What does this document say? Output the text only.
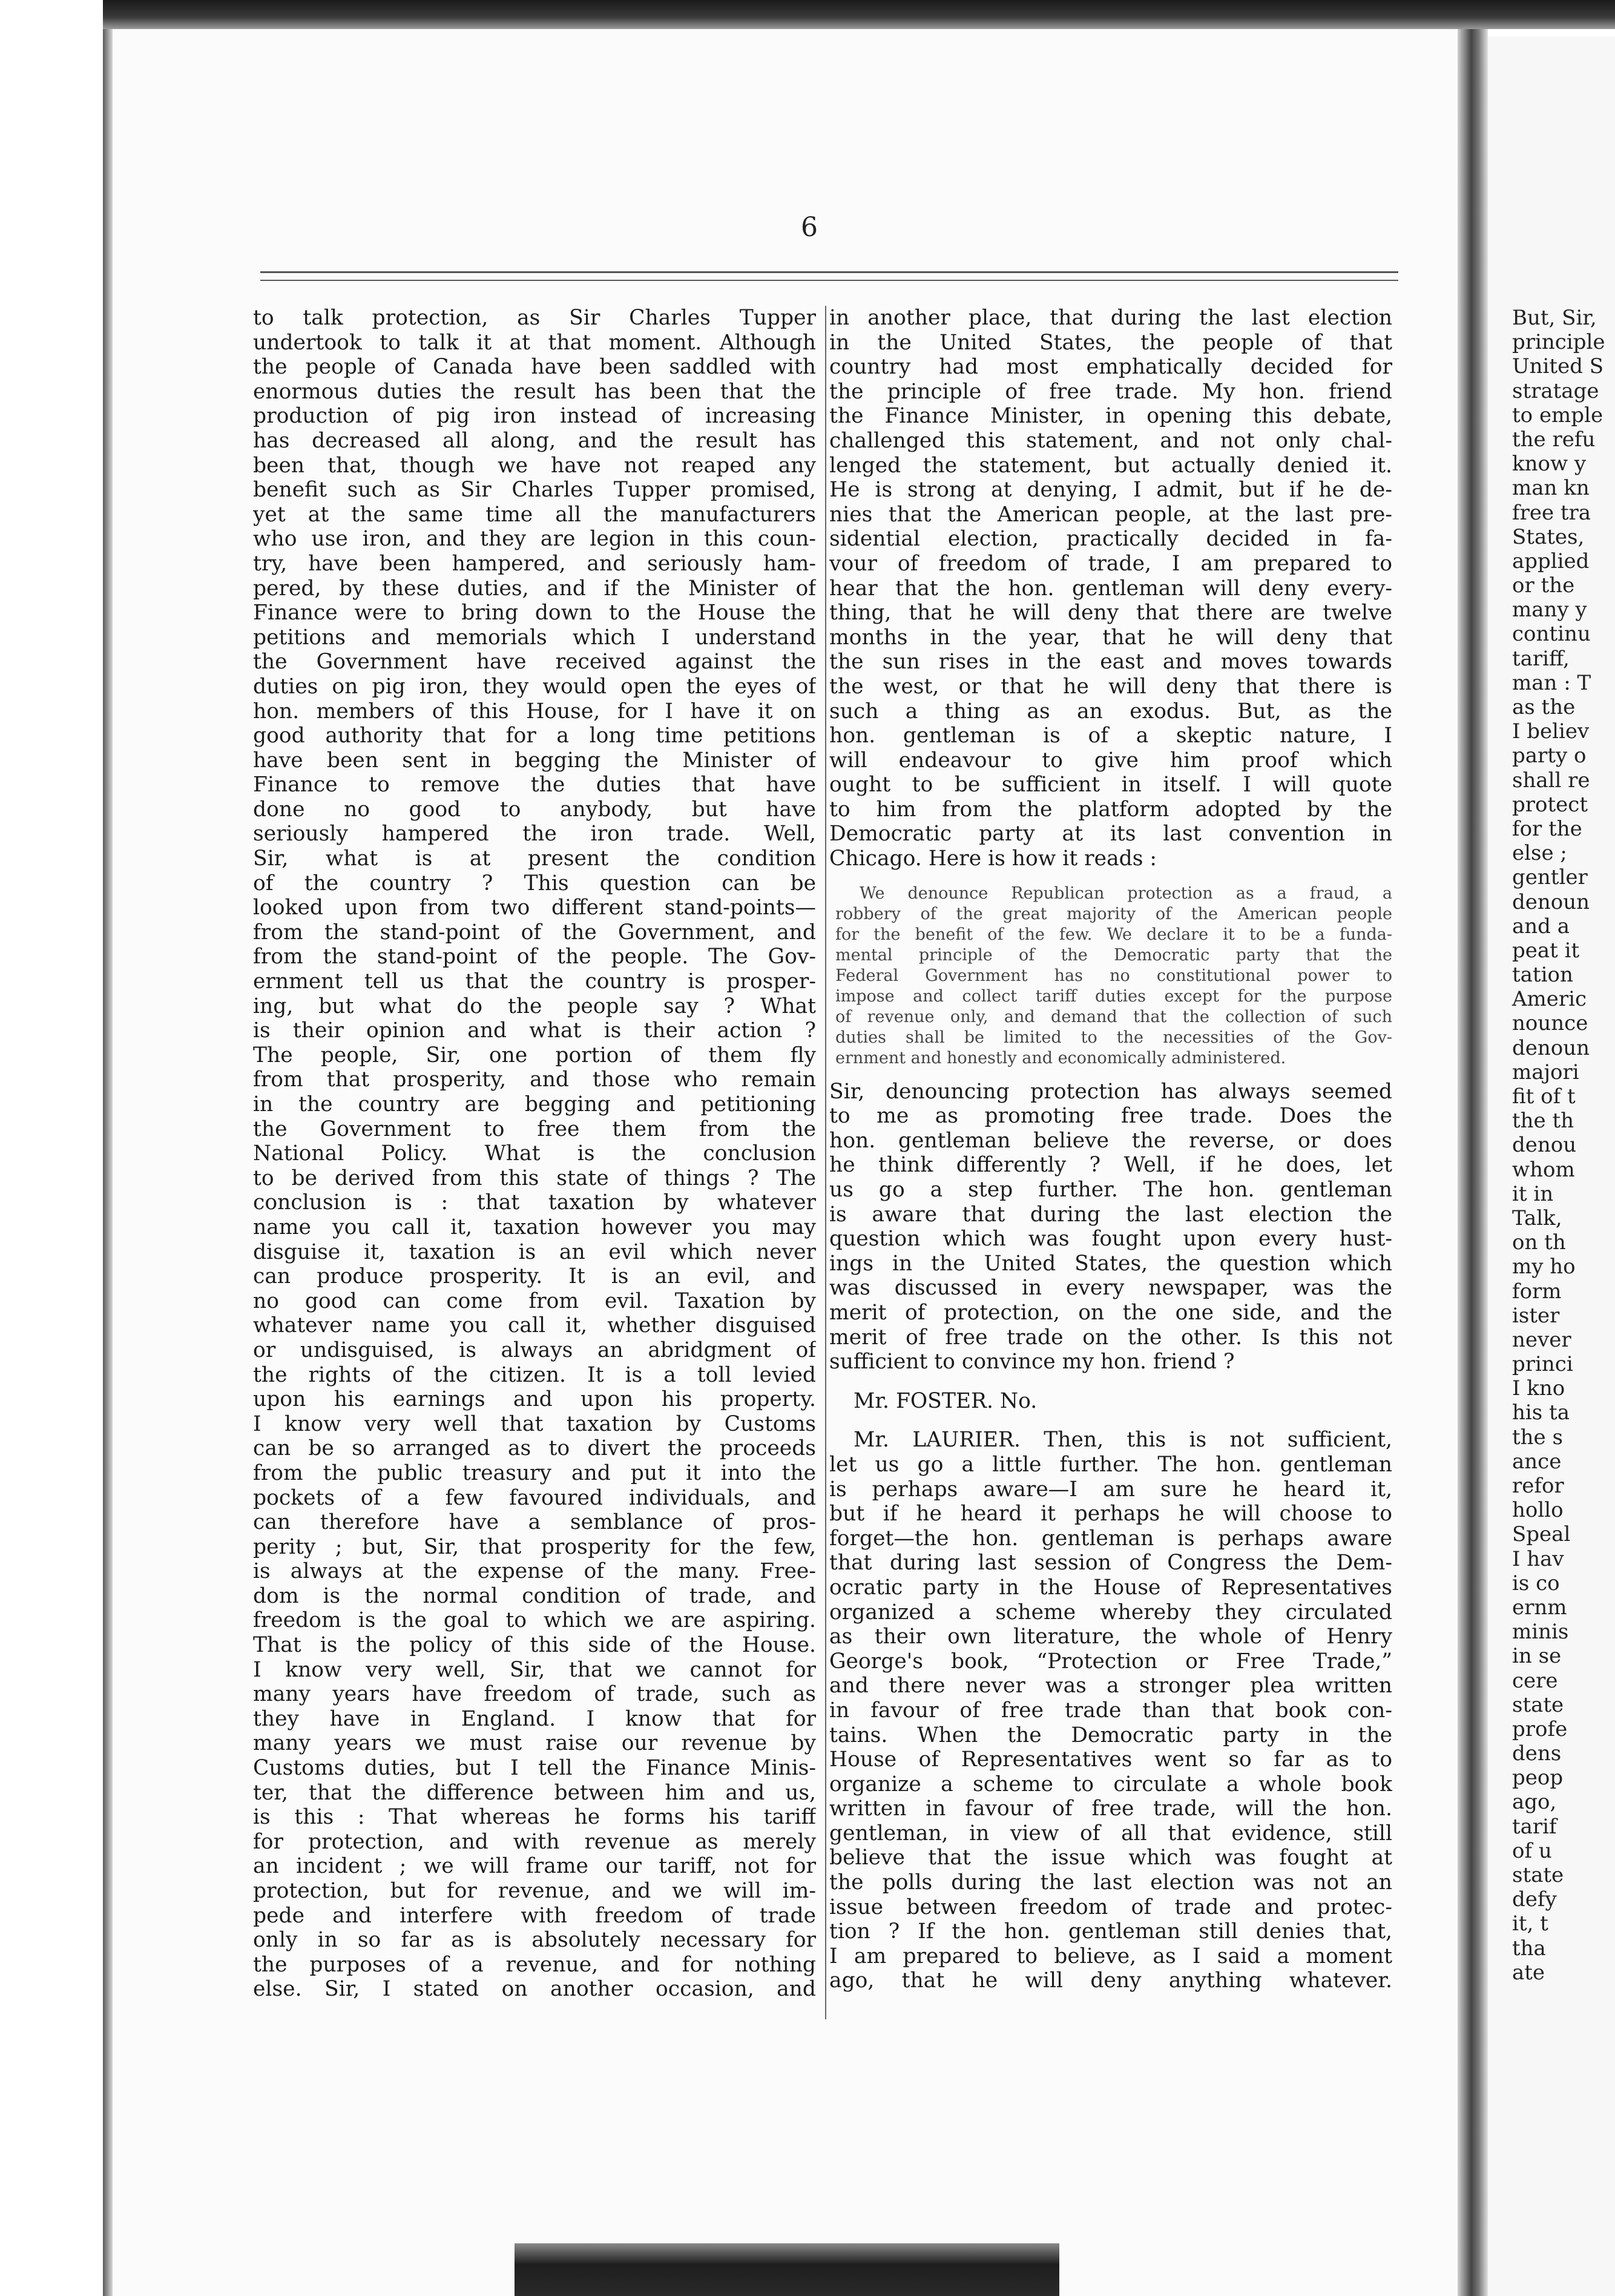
6
to talk protection, as Sir Charles Tupper
undertook to talk it at that moment. Although
the people of Canada have been saddled with
enormous duties the result has been that the
production of pig iron instead of increasing
has decreased all along, and the result has
been that, though we have not reaped any
benefit such as Sir Charles Tupper promised,
yet at the same time all the manufacturers
who use iron, and they are legion in this coun-
try, have been hampered, and seriously ham-
pered, by these duties, and if the Minister of
Finance were to bring down to the House the
petitions and memorials which I understand
the Government have received against the
duties on pig iron, they would open the eyes of
hon. members of this House, for I have it on
good authority that for a long time petitions
have been sent in begging the Minister of
Finance to remove the duties that have
done no good to anybody, but have
seriously hampered the iron trade. Well,
Sir, what is at present the condition
of the country ? This question can be
looked upon from two different stand-points—
from the stand-point of the Government, and
from the stand-point of the people. The Gov-
ernment tell us that the country is prosper-
ing, but what do the people say ? What
is their opinion and what is their action ?
The people, Sir, one portion of them fly
from that prosperity, and those who remain
in the country are begging and petitioning
the Government to free them from the
National Policy. What is the conclusion
to be derived from this state of things ? The
conclusion is : that taxation by whatever
name you call it, taxation however you may
disguise it, taxation is an evil which never
can produce prosperity. It is an evil, and
no good can come from evil. Taxation by
whatever name you call it, whether disguised
or undisguised, is always an abridgment of
the rights of the citizen. It is a toll levied
upon his earnings and upon his property.
I know very well that taxation by Customs
can be so arranged as to divert the proceeds
from the public treasury and put it into the
pockets of a few favoured individuals, and
can therefore have a semblance of pros-
perity ; but, Sir, that prosperity for the few,
is always at the expense of the many. Free-
dom is the normal condition of trade, and
freedom is the goal to which we are aspiring.
That is the policy of this side of the House.
I know very well, Sir, that we cannot for
many years have freedom of trade, such as
they have in England. I know that for
many years we must raise our revenue by
Customs duties, but I tell the Finance Minis-
ter, that the difference between him and us,
is this : That whereas he forms his tariff
for protection, and with revenue as merely
an incident ; we will frame our tariff, not for
protection, but for revenue, and we will im-
pede and interfere with freedom of trade
only in so far as is absolutely necessary for
the purposes of a revenue, and for nothing
else. Sir, I stated on another occasion, and
in another place, that during the last election
in the United States, the people of that
country had most emphatically decided for
the principle of free trade. My hon. friend
the Finance Minister, in opening this debate,
challenged this statement, and not only chal-
lenged the statement, but actually denied it.
He is strong at denying, I admit, but if he de-
nies that the American people, at the last pre-
sidential election, practically decided in fa-
vour of freedom of trade, I am prepared to
hear that the hon. gentleman will deny every-
thing, that he will deny that there are twelve
months in the year, that he will deny that
the sun rises in the east and moves towards
the west, or that he will deny that there is
such a thing as an exodus. But, as the
hon. gentleman is of a skeptic nature, I
will endeavour to give him proof which
ought to be sufficient in itself. I will quote
to him from the platform adopted by the
Democratic party at its last convention in
Chicago. Here is how it reads :
We denounce Republican protection as a fraud, a
robbery of the great majority of the American people
for the benefit of the few. We declare it to be a funda-
mental principle of the Democratic party that the
Federal Government has no constitutional power to
impose and collect tariff duties except for the purpose
of revenue only, and demand that the collection of such
duties shall be limited to the necessities of the Gov-
ernment and honestly and economically administered.
Sir, denouncing protection has always seemed
to me as promoting free trade. Does the
hon. gentleman believe the reverse, or does
he think differently ? Well, if he does, let
us go a step further. The hon. gentleman
is aware that during the last election the
question which was fought upon every hust-
ings in the United States, the question which
was discussed in every newspaper, was the
merit of protection, on the one side, and the
merit of free trade on the other. Is this not
sufficient to convince my hon. friend ?
Mr. FOSTER. No.
Mr. LAURIER. Then, this is not sufficient,
let us go a little further. The hon. gentleman
is perhaps aware—I am sure he heard it,
but if he heard it perhaps he will choose to
forget—the hon. gentleman is perhaps aware
that during last session of Congress the Dem-
ocratic party in the House of Representatives
organized a scheme whereby they circulated
as their own literature, the whole of Henry
George's book, “Protection or Free Trade,”
and there never was a stronger plea written
in favour of free trade than that book con-
tains. When the Democratic party in the
House of Representatives went so far as to
organize a scheme to circulate a whole book
written in favour of free trade, will the hon.
gentleman, in view of all that evidence, still
believe that the issue which was fought at
the polls during the last election was not an
issue between freedom of trade and protec-
tion ? If the hon. gentleman still denies that,
I am prepared to believe, as I said a moment
ago, that he will deny anything whatever.
But, Sir,
principle
United S
stratage
to emple
the refu
know y
man kn
free tra
States,
applied
or the
many y
continu
tariff,
man : T
as the
I believ
party o
shall re
protect
for the
else ;
gentler
denoun
and a
peat it
tation
Americ
nounce
denoun
majori
fit of t
the th
denou
whom
it in
Talk,
on th
my ho
form
ister
never
princi
I kno
his ta
the s
ance
refor
hollo
Speal
I hav
is co
ernm
minis
in se
cere
state
profe
dens
peop
ago,
tarif
of u
state
defy
it, t
tha
ate
